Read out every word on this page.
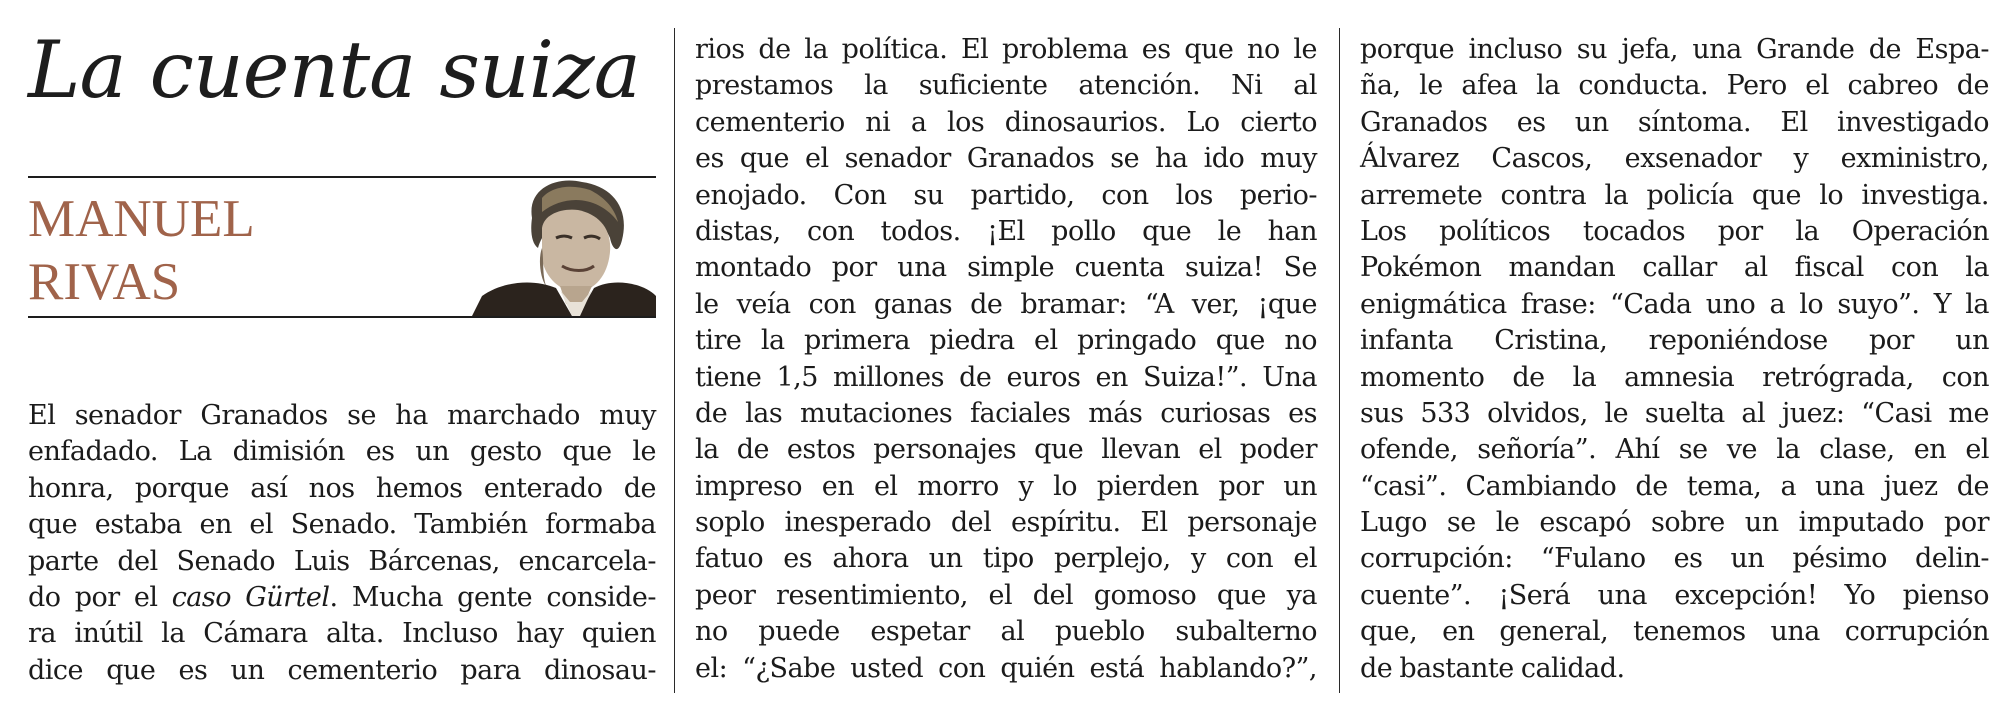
La cuenta suiza
MANUEL
RIVAS

El senador Granados se ha marchado muy
enfadado. La dimisión es un gesto que le
honra, porque así nos hemos enterado de
que estaba en el Senado. También formaba
parte del Senado Luis Bárcenas, encarcela-
do por el caso Gürtel. Mucha gente conside-
ra inútil la Cámara alta. Incluso hay quien
dice que es un cementerio para dinosau-

rios de la política. El problema es que no le
prestamos la suficiente atención. Ni al
cementerio ni a los dinosaurios. Lo cierto
es que el senador Granados se ha ido muy
enojado. Con su partido, con los perio-
distas, con todos. ¡El pollo que le han
montado por una simple cuenta suiza! Se
le veía con ganas de bramar: “A ver, ¡que
tire la primera piedra el pringado que no
tiene 1,5 millones de euros en Suiza!”. Una
de las mutaciones faciales más curiosas es
la de estos personajes que llevan el poder
impreso en el morro y lo pierden por un
soplo inesperado del espíritu. El personaje
fatuo es ahora un tipo perplejo, y con el
peor resentimiento, el del gomoso que ya
no puede espetar al pueblo subalterno
el: “¿Sabe usted con quién está hablando?”,

porque incluso su jefa, una Grande de Espa-
ña, le afea la conducta. Pero el cabreo de
Granados es un síntoma. El investigado
Álvarez Cascos, exsenador y exministro,
arremete contra la policía que lo investiga.
Los políticos tocados por la Operación
Pokémon mandan callar al fiscal con la
enigmática frase: “Cada uno a lo suyo”. Y la
infanta Cristina, reponiéndose por un
momento de la amnesia retrógrada, con
sus 533 olvidos, le suelta al juez: “Casi me
ofende, señoría”. Ahí se ve la clase, en el
“casi”. Cambiando de tema, a una juez de
Lugo se le escapó sobre un imputado por
corrupción: “Fulano es un pésimo delin-
cuente”. ¡Será una excepción! Yo pienso
que, en general, tenemos una corrupción
de bastante calidad.
